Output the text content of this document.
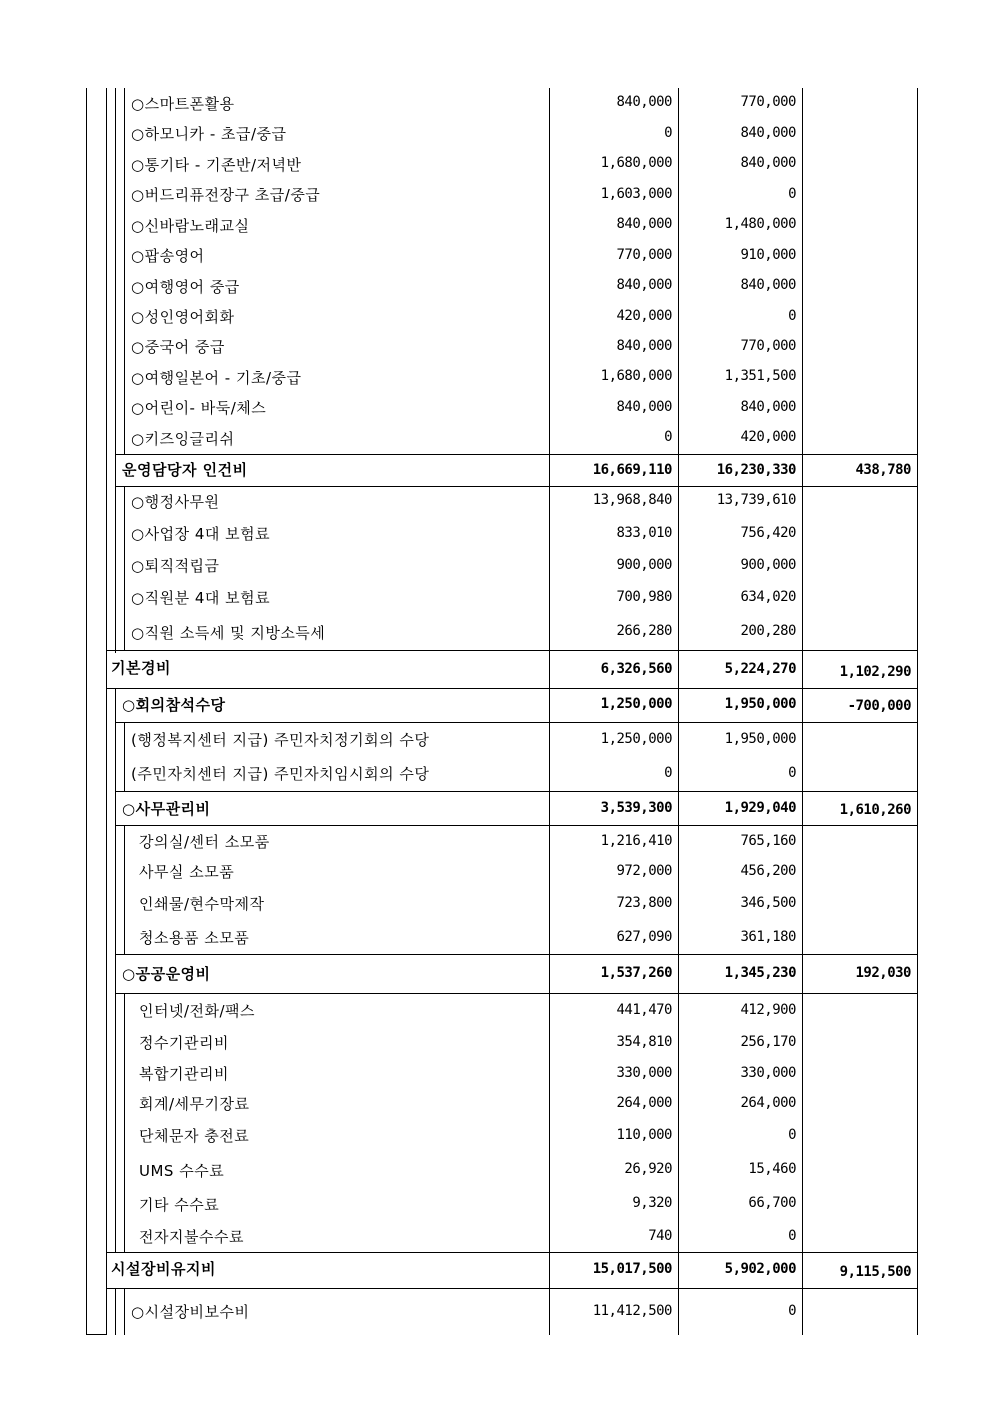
○스마트폰활용	840,000	770,000
○하모니카 - 초급/중급	0	840,000
○통기타 - 기존반/저녁반	1,680,000	840,000
○버드리퓨전장구 초급/중급	1,603,000	0
○신바람노래교실	840,000	1,480,000
○팝송영어	770,000	910,000
○여행영어 중급	840,000	840,000
○성인영어회화	420,000	0
○중국어 중급	840,000	770,000
○여행일본어 - 기초/중급	1,680,000	1,351,500
○어린이- 바둑/체스	840,000	840,000
○키즈잉글리쉬	0	420,000
운영담당자 인건비	16,669,110	16,230,330	438,780
○행정사무원	13,968,840	13,739,610
○사업장 4대 보험료	833,010	756,420
○퇴직적립금	900,000	900,000
○직원분 4대 보험료	700,980	634,020
○직원 소득세 및 지방소득세	266,280	200,280
기본경비	6,326,560	5,224,270	1,102,290
○회의참석수당	1,250,000	1,950,000	-700,000
(행정복지센터 지급) 주민자치정기회의 수당	1,250,000	1,950,000
(주민자치센터 지급) 주민자치임시회의 수당	0	0
○사무관리비	3,539,300	1,929,040	1,610,260
강의실/센터 소모품	1,216,410	765,160
사무실 소모품	972,000	456,200
인쇄물/현수막제작	723,800	346,500
청소용품 소모품	627,090	361,180
○공공운영비	1,537,260	1,345,230	192,030
인터넷/전화/팩스	441,470	412,900
정수기관리비	354,810	256,170
복합기관리비	330,000	330,000
회계/세무기장료	264,000	264,000
단체문자 충전료	110,000	0
UMS 수수료	26,920	15,460
기타 수수료	9,320	66,700
전자지불수수료	740	0
시설장비유지비	15,017,500	5,902,000	9,115,500
○시설장비보수비	11,412,500	0
